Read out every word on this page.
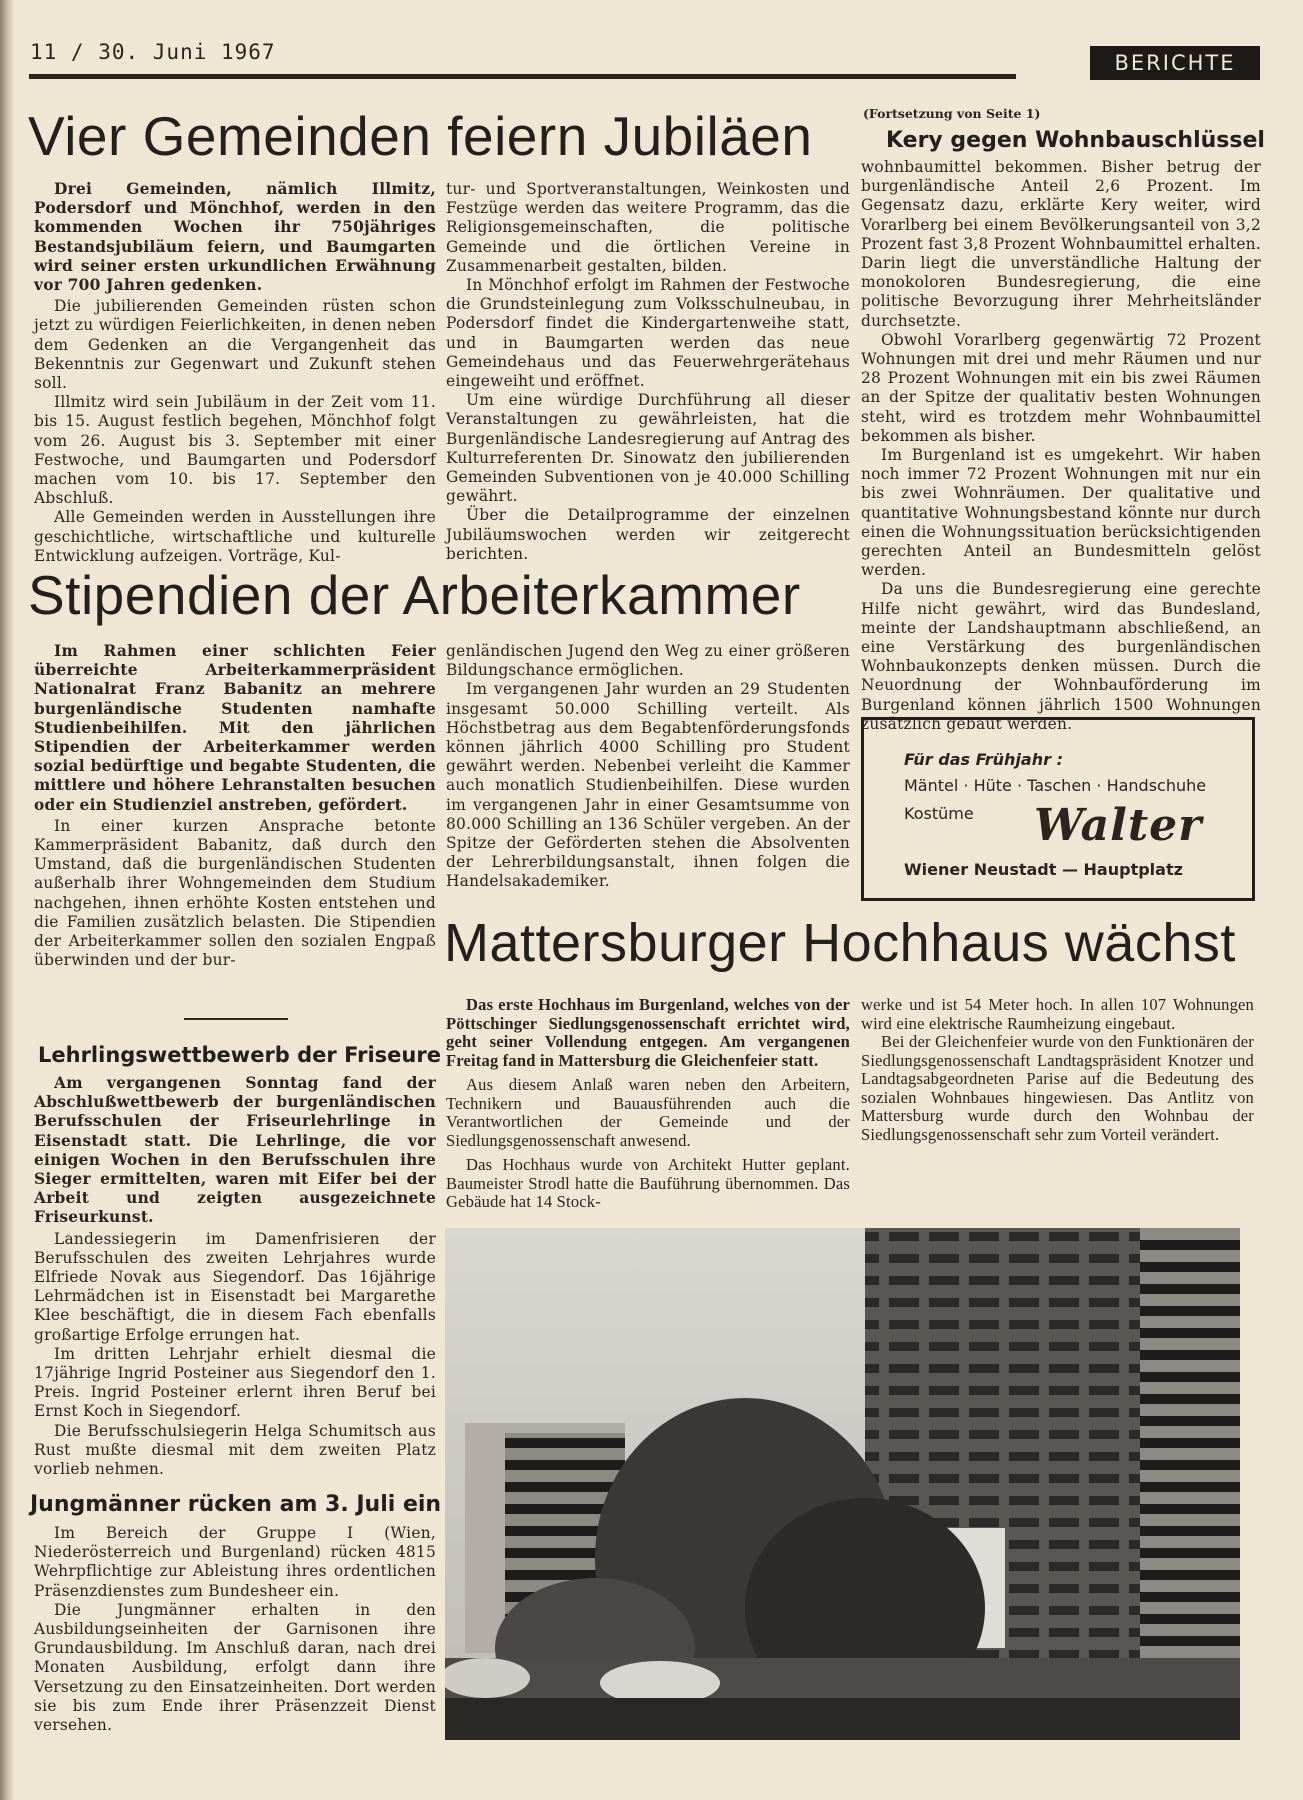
11 / 30. Juni 1967	BERICHTE
Vier Gemeinden feiern Jubiläen

Drei Gemeinden, nämlich Illmitz, Podersdorf und Mönchhof, werden in den kommenden Wochen ihr 750jähriges Bestandsjubiläum feiern, und Baumgarten wird seiner ersten urkundlichen Erwähnung vor 700 Jahren gedenken.

Die jubilierenden Gemeinden rüsten schon jetzt zu würdigen Feierlichkeiten, in denen neben dem Gedenken an die Vergangenheit das Bekenntnis zur Gegenwart und Zukunft stehen soll.

Illmitz wird sein Jubiläum in der Zeit vom 11. bis 15. August festlich begehen, Mönchhof folgt vom 26. August bis 3. September mit einer Festwoche, und Baumgarten und Podersdorf machen vom 10. bis 17. September den Abschluß.

Alle Gemeinden werden in Ausstellungen ihre geschichtliche, wirtschaftliche und kulturelle Entwicklung aufzeigen. Vorträge, Kul-

tur- und Sportveranstaltungen, Weinkosten und Festzüge werden das weitere Programm, das die Religionsgemeinschaften, die politische Gemeinde und die örtlichen Vereine in Zusammenarbeit gestalten, bilden.

In Mönchhof erfolgt im Rahmen der Festwoche die Grundsteinlegung zum Volksschulneubau, in Podersdorf findet die Kindergartenweihe statt, und in Baumgarten werden das neue Gemeindehaus und das Feuerwehrgerätehaus eingeweiht und eröffnet.

Um eine würdige Durchführung all dieser Veranstaltungen zu gewährleisten, hat die Burgenländische Landesregierung auf Antrag des Kulturreferenten Dr. Sinowatz den jubilierenden Gemeinden Subventionen von je 40.000 Schilling gewährt.

Über die Detailprogramme der einzelnen Jubiläumswochen werden wir zeitgerecht berichten.

(Fortsetzung von Seite 1)
Kery gegen Wohnbauschlüssel

wohnbaumittel bekommen. Bisher betrug der burgenländische Anteil 2,6 Prozent. Im Gegensatz dazu, erklärte Kery weiter, wird Vorarlberg bei einem Bevölkerungsanteil von 3,2 Prozent fast 3,8 Prozent Wohnbaumittel erhalten. Darin liegt die unverständliche Haltung der monokoloren Bundesregierung, die eine politische Bevorzugung ihrer Mehrheitsländer durchsetzte.

Obwohl Vorarlberg gegenwärtig 72 Prozent Wohnungen mit drei und mehr Räumen und nur 28 Prozent Wohnungen mit ein bis zwei Räumen an der Spitze der qualitativ besten Wohnungen steht, wird es trotzdem mehr Wohnbaumittel bekommen als bisher.

Im Burgenland ist es umgekehrt. Wir haben noch immer 72 Prozent Wohnungen mit nur ein bis zwei Wohnräumen. Der qualitative und quantitative Wohnungsbestand könnte nur durch einen die Wohnungssituation berücksichtigenden gerechten Anteil an Bundesmitteln gelöst werden.

Da uns die Bundesregierung eine gerechte Hilfe nicht gewährt, wird das Bundesland, meinte der Landshauptmann abschließend, an eine Verstärkung des burgenländischen Wohnbaukonzepts denken müssen. Durch die Neuordnung der Wohnbauförderung im Burgenland können jährlich 1500 Wohnungen zusätzlich gebaut werden.

Stipendien der Arbeiterkammer

Im Rahmen einer schlichten Feier überreichte Arbeiterkammerpräsident Nationalrat Franz Babanitz an mehrere burgenländische Studenten namhafte Studienbeihilfen. Mit den jährlichen Stipendien der Arbeiterkammer werden sozial bedürftige und begabte Studenten, die mittlere und höhere Lehranstalten besuchen oder ein Studienziel anstreben, gefördert.

In einer kurzen Ansprache betonte Kammerpräsident Babanitz, daß durch den Umstand, daß die burgenländischen Studenten außerhalb ihrer Wohngemeinden dem Studium nachgehen, ihnen erhöhte Kosten entstehen und die Familien zusätzlich belasten. Die Stipendien der Arbeiterkammer sollen den sozialen Engpaß überwinden und der bur-

genländischen Jugend den Weg zu einer größeren Bildungschance ermöglichen.

Im vergangenen Jahr wurden an 29 Studenten insgesamt 50.000 Schilling verteilt. Als Höchstbetrag aus dem Begabtenförderungsfonds können jährlich 4000 Schilling pro Student gewährt werden. Nebenbei verleiht die Kammer auch monatlich Studienbeihilfen. Diese wurden im vergangenen Jahr in einer Gesamtsumme von 80.000 Schilling an 136 Schüler vergeben. An der Spitze der Geförderten stehen die Absolventen der Lehrerbildungsanstalt, ihnen folgen die Handelsakademiker.

Lehrlingswettbewerb der Friseure

Am vergangenen Sonntag fand der Abschlußwettbewerb der burgenländischen Berufsschulen der Friseurlehrlinge in Eisenstadt statt. Die Lehrlinge, die vor einigen Wochen in den Berufsschulen ihre Sieger ermittelten, waren mit Eifer bei der Arbeit und zeigten ausgezeichnete Friseurkunst.

Landessiegerin im Damenfrisieren der Berufsschulen des zweiten Lehrjahres wurde Elfriede Novak aus Siegendorf. Das 16jährige Lehrmädchen ist in Eisenstadt bei Margarethe Klee beschäftigt, die in diesem Fach ebenfalls großartige Erfolge errungen hat.

Im dritten Lehrjahr erhielt diesmal die 17jährige Ingrid Posteiner aus Siegendorf den 1. Preis. Ingrid Posteiner erlernt ihren Beruf bei Ernst Koch in Siegendorf.

Die Berufsschulsiegerin Helga Schumitsch aus Rust mußte diesmal mit dem zweiten Platz vorlieb nehmen.

Jungmänner rücken am 3. Juli ein

Im Bereich der Gruppe I (Wien, Niederösterreich und Burgenland) rücken 4815 Wehrpflichtige zur Ableistung ihres ordentlichen Präsenzdienstes zum Bundesheer ein.

Die Jungmänner erhalten in den Ausbildungseinheiten der Garnisonen ihre Grundausbildung. Im Anschluß daran, nach drei Monaten Ausbildung, erfolgt dann ihre Versetzung zu den Einsatzeinheiten. Dort werden sie bis zum Ende ihrer Präsenzzeit Dienst versehen.

Für das Frühjahr :
Mäntel · Hüte · Taschen · Handschuhe
Kostüme Walter
Wiener Neustadt — Hauptplatz
Mattersburger Hochhaus wächst

Das erste Hochhaus im Burgenland, welches von der Pöttschinger Siedlungsgenossenschaft errichtet wird, geht seiner Vollendung entgegen. Am vergangenen Freitag fand in Mattersburg die Gleichenfeier statt.

Aus diesem Anlaß waren neben den Arbeitern, Technikern und Bauausführenden auch die Verantwortlichen der Gemeinde und der Siedlungsgenossenschaft anwesend.

Das Hochhaus wurde von Architekt Hutter geplant. Baumeister Strodl hatte die Bauführung übernommen. Das Gebäude hat 14 Stock-

werke und ist 54 Meter hoch. In allen 107 Wohnungen wird eine elektrische Raumheizung eingebaut.

Bei der Gleichenfeier wurde von den Funktionären der Siedlungsgenossenschaft Landtagspräsident Knotzer und Landtagsabgeordneten Parise auf die Bedeutung des sozialen Wohnbaues hingewiesen. Das Antlitz von Mattersburg wurde durch den Wohnbau der Siedlungsgenossenschaft sehr zum Vorteil verändert.
